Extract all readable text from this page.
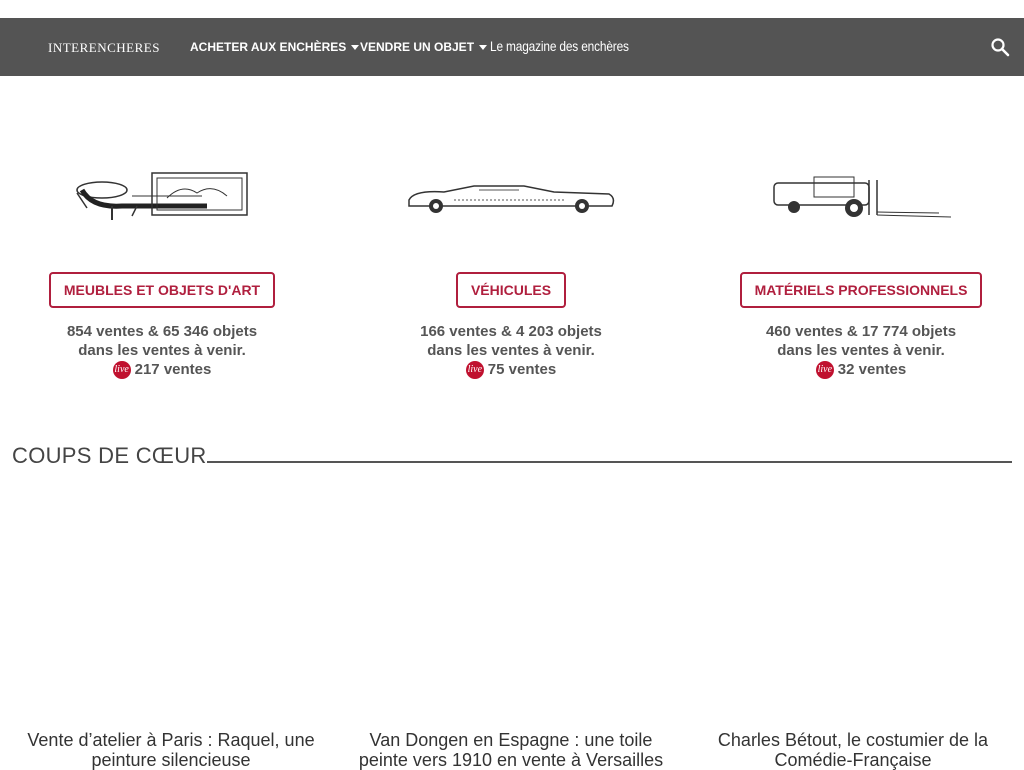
INTERENCHERES	ACHETER AUX ENCHÈRES VENDRE UN OBJET Le magazine des enchères
MEUBLES ET OBJETS D'ART
854 ventes & 65 346 objets
dans les ventes à venir.
live 217 ventes
VÉHICULES
166 ventes & 4 203 objets
dans les ventes à venir.
live 75 ventes
MATÉRIELS PROFESSIONNELS
460 ventes & 17 774 objets
dans les ventes à venir.
live 32 ventes
COUPS DE CŒUR
Vente d’atelier à Paris : Raquel, une peinture silencieuse
Van Dongen en Espagne : une toile peinte vers 1910 en vente à Versailles
Charles Bétout, le costumier de la Comédie-Française
